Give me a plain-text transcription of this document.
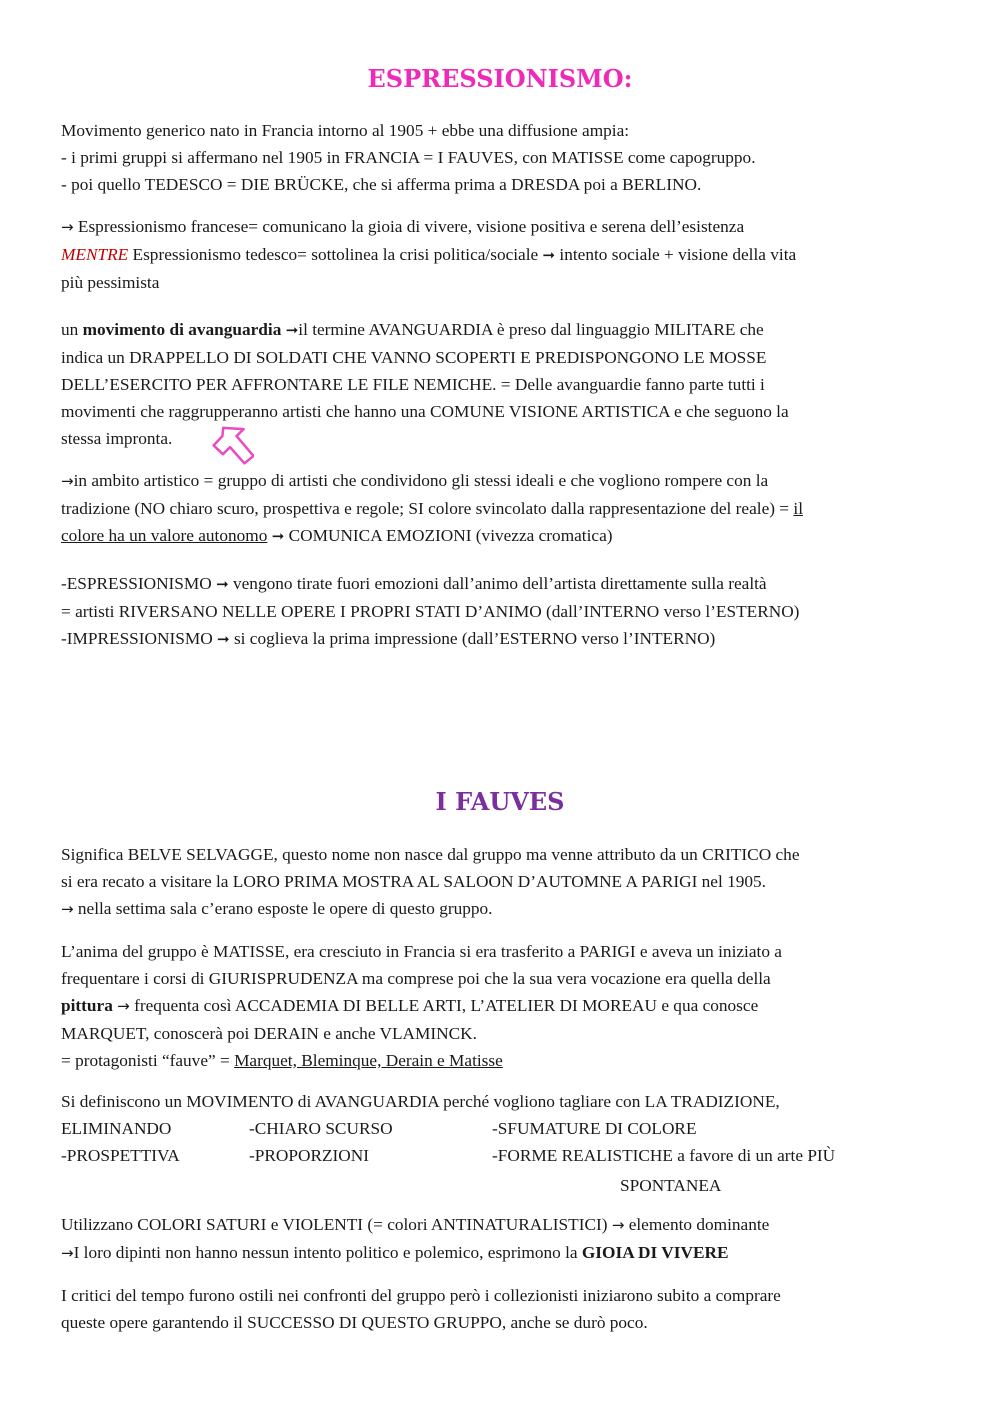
ESPRESSIONISMO:
Movimento generico nato in Francia intorno al 1905 + ebbe una diffusione ampia:
- i primi gruppi si affermano nel 1905 in FRANCIA = I FAUVES, con MATISSE come capogruppo.
- poi quello TEDESCO = DIE BRÜCKE, che si afferma prima a DRESDA poi a BERLINO.
→ Espressionismo francese= comunicano la gioia di vivere, visione positiva e serena dell’esistenza
MENTRE Espressionismo tedesco= sottolinea la crisi politica/sociale ➞ intento sociale + visione della vita
più pessimista
un movimento di avanguardia ➞il termine AVANGUARDIA è preso dal linguaggio MILITARE che
indica un DRAPPELLO DI SOLDATI CHE VANNO SCOPERTI E PREDISPONGONO LE MOSSE
DELL’ESERCITO PER AFFRONTARE LE FILE NEMICHE. = Delle avanguardie fanno parte tutti i
movimenti che raggrupperanno artisti che hanno una COMUNE VISIONE ARTISTICA e che seguono la
stessa impronta.
→in ambito artistico = gruppo di artisti che condividono gli stessi ideali e che vogliono rompere con la
tradizione (NO chiaro scuro, prospettiva e regole; SI colore svincolato dalla rappresentazione del reale) = il
colore ha un valore autonomo ➞ COMUNICA EMOZIONI (vivezza cromatica)
-ESPRESSIONISMO ➞ vengono tirate fuori emozioni dall’animo dell’artista direttamente sulla realtà
= artisti RIVERSANO NELLE OPERE I PROPRI STATI D’ANIMO (dall’INTERNO verso l’ESTERNO)
-IMPRESSIONISMO ➞ si coglieva la prima impressione (dall’ESTERNO verso l’INTERNO)
I FAUVES
Significa BELVE SELVAGGE, questo nome non nasce dal gruppo ma venne attributo da un CRITICO che
si era recato a visitare la LORO PRIMA MOSTRA AL SALOON D’AUTOMNE A PARIGI nel 1905.
→ nella settima sala c’erano esposte le opere di questo gruppo.
L’anima del gruppo è MATISSE, era cresciuto in Francia si era trasferito a PARIGI e aveva un iniziato a
frequentare i corsi di GIURISPRUDENZA ma comprese poi che la sua vera vocazione era quella della
pittura → frequenta così ACCADEMIA DI BELLE ARTI, L’ATELIER DI MOREAU e qua conosce
MARQUET, conoscerà poi DERAIN e anche VLAMINCK.
= protagonisti “fauve” = Marquet, Bleminque, Derain e Matisse
Si definiscono un MOVIMENTO di AVANGUARDIA perché vogliono tagliare con LA TRADIZIONE,
ELIMINANDO	-CHIARO SCURSO	-SFUMATURE DI COLORE
-PROSPETTIVA	-PROPORZIONI	-FORME REALISTICHE a favore di un arte PIÙ
SPONTANEA
Utilizzano COLORI SATURI e VIOLENTI (= colori ANTINATURALISTICI) → elemento dominante
→I loro dipinti non hanno nessun intento politico e polemico, esprimono la GIOIA DI VIVERE
I critici del tempo furono ostili nei confronti del gruppo però i collezionisti iniziarono subito a comprare
queste opere garantendo il SUCCESSO DI QUESTO GRUPPO, anche se durò poco.
